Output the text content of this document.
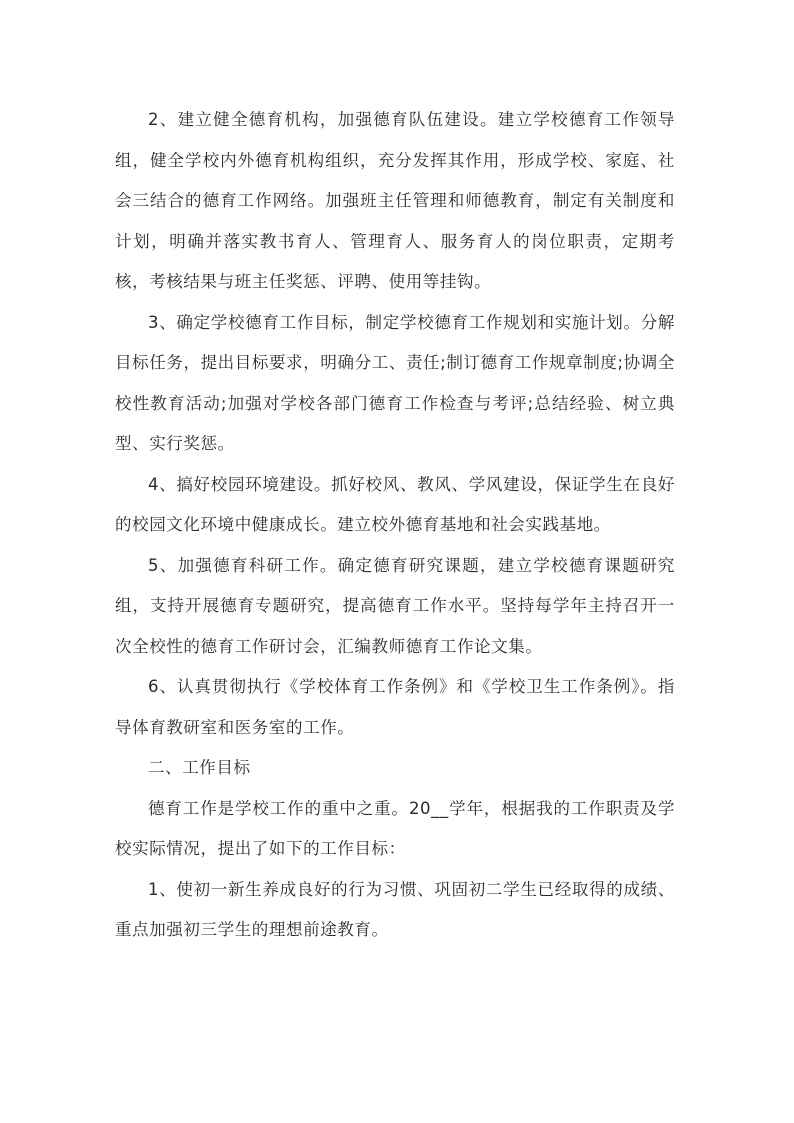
2、建立健全德育机构，加强德育队伍建设。建立学校德育工作领导组，健全学校内外德育机构组织，充分发挥其作用，形成学校、家庭、社会三结合的德育工作网络。加强班主任管理和师德教育，制定有关制度和计划，明确并落实教书育人、管理育人、服务育人的岗位职责，定期考核，考核结果与班主任奖惩、评聘、使用等挂钩。

3、确定学校德育工作目标，制定学校德育工作规划和实施计划。分解目标任务，提出目标要求，明确分工、责任;制订德育工作规章制度;协调全校性教育活动;加强对学校各部门德育工作检查与考评;总结经验、树立典型、实行奖惩。

4、搞好校园环境建设。抓好校风、教风、学风建设，保证学生在良好的校园文化环境中健康成长。建立校外德育基地和社会实践基地。

5、加强德育科研工作。确定德育研究课题，建立学校德育课题研究组，支持开展德育专题研究，提高德育工作水平。坚持每学年主持召开一次全校性的德育工作研讨会，汇编教师德育工作论文集。

6、认真贯彻执行《学校体育工作条例》和《学校卫生工作条例》。指导体育教研室和医务室的工作。

二、工作目标

德育工作是学校工作的重中之重。20__学年，根据我的工作职责及学校实际情况，提出了如下的工作目标：

1、使初一新生养成良好的行为习惯、巩固初二学生已经取得的成绩、重点加强初三学生的理想前途教育。
